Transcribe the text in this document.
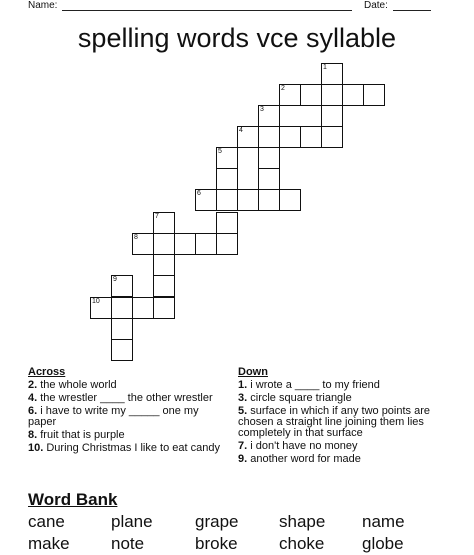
Name:	Date:
spelling words vce syllable
1
2
3
4
5
6
7
8
9
10
Across	Down
2. the whole world
4. the wrestler ____ the other wrestler
6. i have to write my _____ one my paper
8. fruit that is purple
10. During Christmas I like to eat candy
1. i wrote a ____ to my friend
3. circle square triangle
5. surface in which if any two points are chosen a straight line joining them lies completely in that surface
7. i don't have no money
9. another word for made
Word Bank
cane	plane grape shape name
make note	broke choke globe
